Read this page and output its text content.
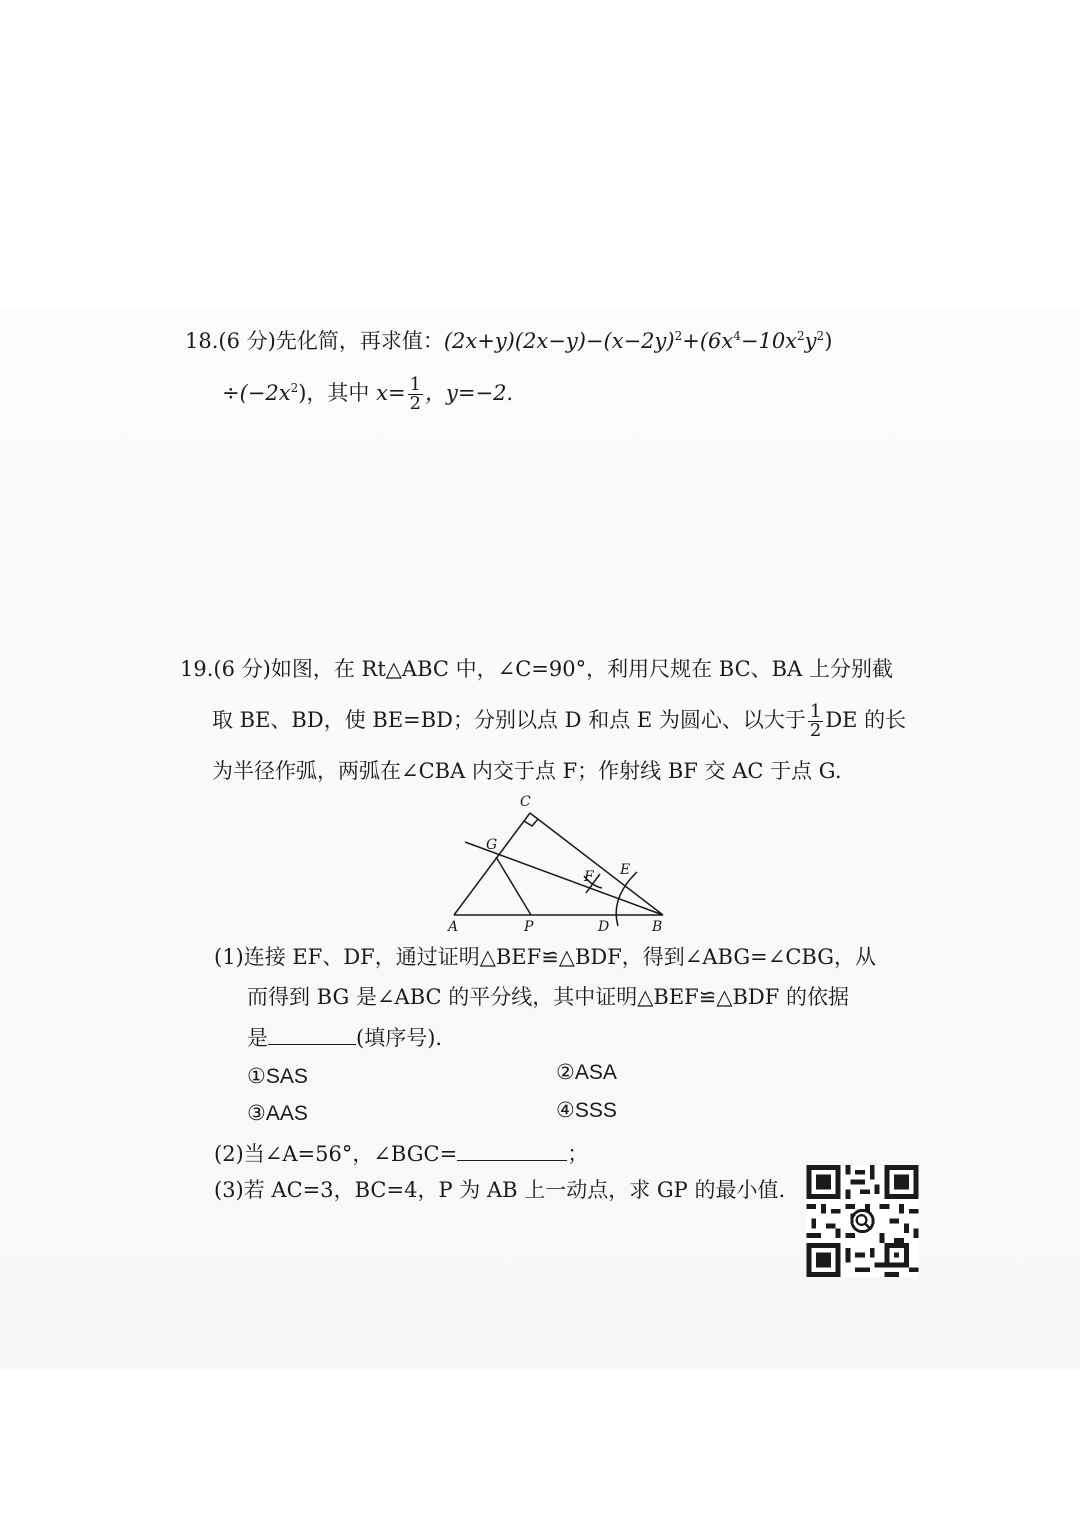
18.(6 分)先化简，再求值：$(2x+y)(2x-y)-(x-2y)^2+(6x^4-10x^2y^2)$
$\div(-2x^2)$，其中 $x= \frac{1}{2}$ ，y=−2.
19.(6 分)如图，在 Rt△ABC 中，∠C=90°，利用尺规在 BC、BA 上分别截
取 BE、BD，使 BE=BD；分别以点 D 和点 E 为圆心、以大于 $\frac{1}{2}$ DE 的长
为半径作弧，两弧在∠CBA 内交于点 F；作射线 BF 交 AC 于点 G.
C
G
F E
A	P	D	B
(1)连接 EF、DF，通过证明△BEF≌△BDF，得到∠ABG=∠CBG，从
而得到 BG 是∠ABC 的平分线，其中证明△BEF≌△BDF 的依据
是	(填序号).
①SAS	②ASA
③AAS	④SSS
(2)当∠A=56°，∠BGC=	；
(3)若 AC=3，BC=4，P 为 AB 上一动点，求 GP 的最小值.
